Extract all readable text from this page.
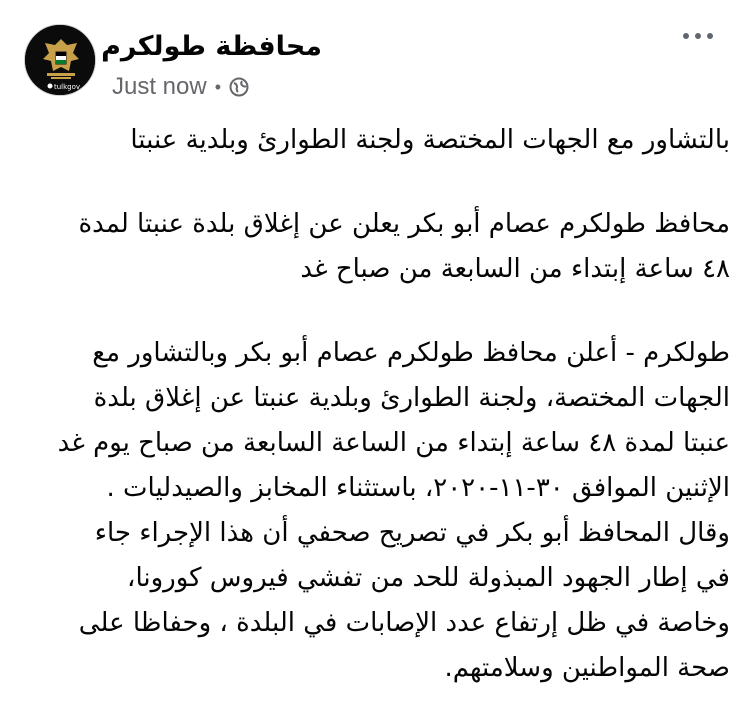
tulkgov
محافظة طولكرم
Just now •

بالتشاور مع الجهات المختصة ولجنة الطوارئ وبلدية عنبتا

محافظ طولكرم عصام أبو بكر يعلن عن إغلاق بلدة عنبتا لمدة
٤٨ ساعة إبتداء من السابعة من صباح غد

طولكرم - أعلن محافظ طولكرم عصام أبو بكر وبالتشاور مع
الجهات المختصة، ولجنة الطوارئ وبلدية عنبتا عن إغلاق بلدة
عنبتا لمدة ٤٨ ساعة إبتداء من الساعة السابعة من صباح يوم غد
الإثنين الموافق ٣٠-١١-٢٠٢٠، باستثناء المخابز والصيدليات .
وقال المحافظ أبو بكر في تصريح صحفي أن هذا الإجراء جاء
في إطار الجهود المبذولة للحد من تفشي فيروس كورونا،
وخاصة في ظل إرتفاع عدد الإصابات في البلدة ، وحفاظا على
صحة المواطنين وسلامتهم.
